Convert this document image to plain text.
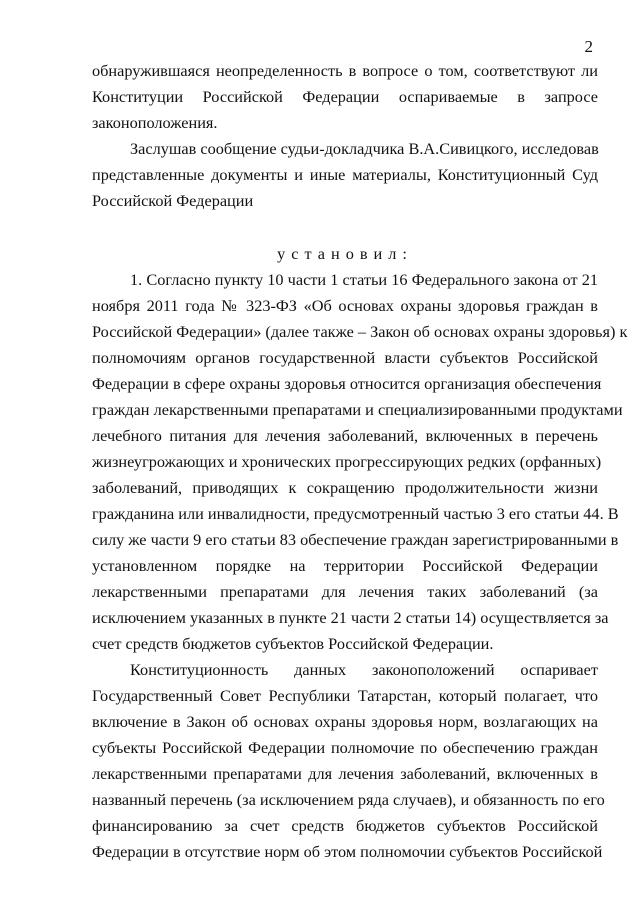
2
обнаружившаяся неопределенность в вопросе о том, соответствуют ли
Конституции Российской Федерации оспариваемые в запросе
законоположения.
Заслушав сообщение судьи-докладчика В.А.Сивицкого, исследовав
представленные документы и иные материалы, Конституционный Суд
Российской Федерации
установил:
1. Согласно пункту 10 части 1 статьи 16 Федерального закона от 21
ноября 2011 года № 323-ФЗ «Об основах охраны здоровья граждан в
Российской Федерации» (далее также – Закон об основах охраны здоровья) к
полномочиям органов государственной власти субъектов Российской
Федерации в сфере охраны здоровья относится организация обеспечения
граждан лекарственными препаратами и специализированными продуктами
лечебного питания для лечения заболеваний, включенных в перечень
жизнеугрожающих и хронических прогрессирующих редких (орфанных)
заболеваний, приводящих к сокращению продолжительности жизни
гражданина или инвалидности, предусмотренный частью 3 его статьи 44. В
силу же части 9 его статьи 83 обеспечение граждан зарегистрированными в
установленном порядке на территории Российской Федерации
лекарственными препаратами для лечения таких заболеваний (за
исключением указанных в пункте 21 части 2 статьи 14) осуществляется за
счет средств бюджетов субъектов Российской Федерации.
Конституционность данных законоположений оспаривает
Государственный Совет Республики Татарстан, который полагает, что
включение в Закон об основах охраны здоровья норм, возлагающих на
субъекты Российской Федерации полномочие по обеспечению граждан
лекарственными препаратами для лечения заболеваний, включенных в
названный перечень (за исключением ряда случаев), и обязанность по его
финансированию за счет средств бюджетов субъектов Российской
Федерации в отсутствие норм об этом полномочии субъектов Российской
